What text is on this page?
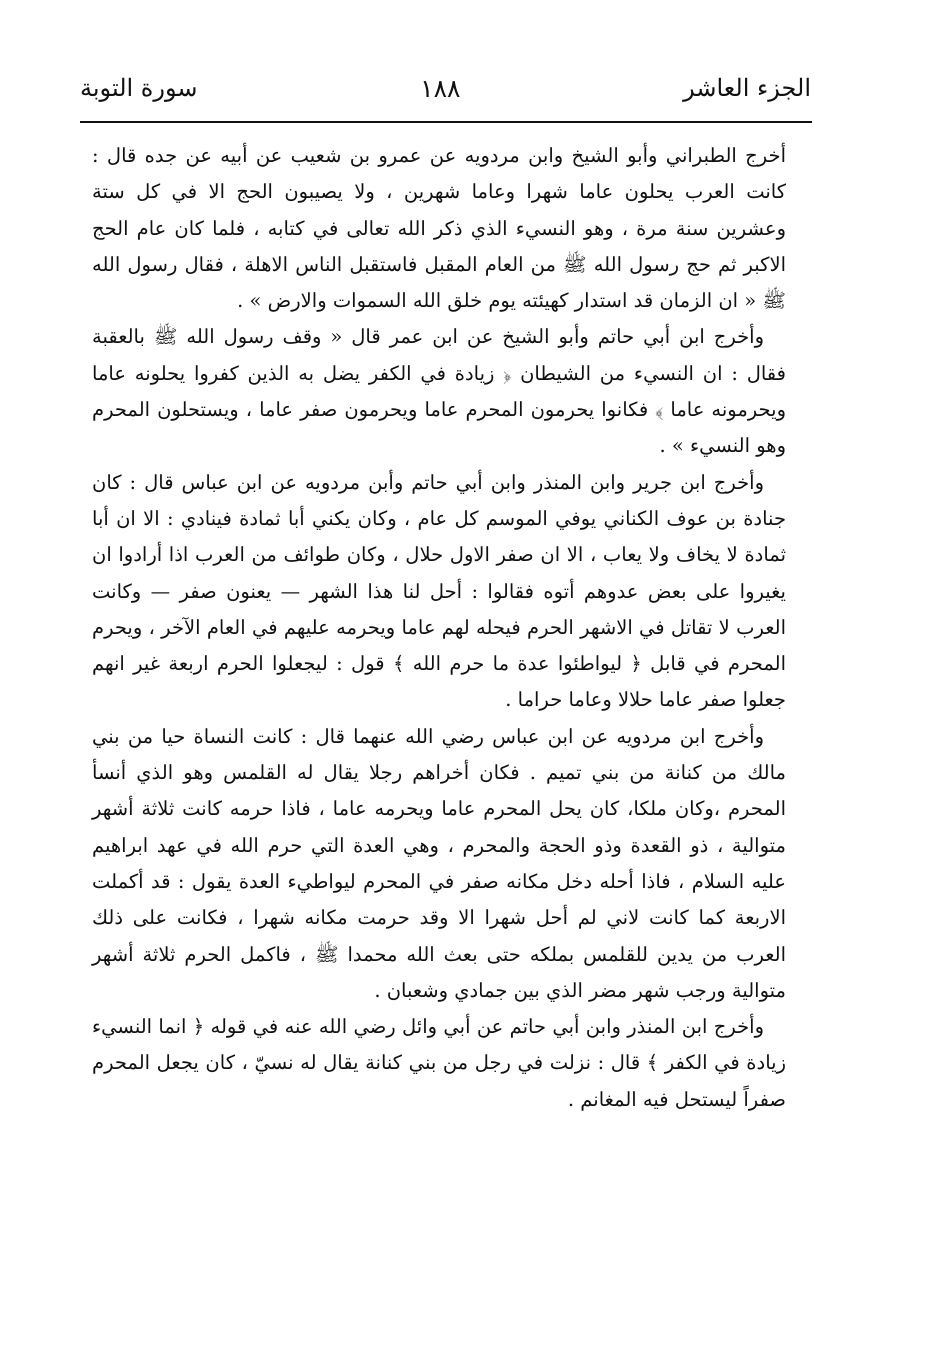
الجزء العاشر
١٨٨
سورة التوبة

أخرج الطبراني وأبو الشيخ وابن مردويه عن عمرو بن شعيب عن أبيه عن جده قال : كانت العرب يحلون عاما شهرا وعاما شهرين ، ولا يصيبون الحج الا في كل ستة وعشرين سنة مرة ، وهو النسيء الذي ذكر الله تعالى في كتابه ، فلما كان عام الحج الاكبر ثم حج رسول الله ﷺ من العام المقبل فاستقبل الناس الاهلة ، فقال رسول الله ﷺ « ان الزمان قد استدار كهيئته يوم خلق الله السموات والارض » .

وأخرج ابن أبي حاتم وأبو الشيخ عن ابن عمر قال « وقف رسول الله ﷺ بالعقبة فقال : ان النسيء من الشيطان ﴿ زيادة في الكفر يضل به الذين كفروا يحلونه عاما ويحرمونه عاما ﴾ فكانوا يحرمون المحرم عاما ويحرمون صفر عاما ، ويستحلون المحرم وهو النسيء » .

وأخرج ابن جرير وابن المنذر وابن أبي حاتم وأبن مردويه عن ابن عباس قال : كان جنادة بن عوف الكناني يوفي الموسم كل عام ، وكان يكني أبا ثمادة فينادي : الا ان أبا ثمادة لا يخاف ولا يعاب ، الا ان صفر الاول حلال ، وكان طوائف من العرب اذا أرادوا ان يغيروا على بعض عدوهم أتوه فقالوا : أحل لنا هذا الشهر — يعنون صفر — وكانت العرب لا تقاتل في الاشهر الحرم فيحله لهم عاما ويحرمه عليهم في العام الآخر ، ويحرم المحرم في قابل ﴿ ليواطئوا عدة ما حرم الله ﴾ قول : ليجعلوا الحرم اربعة غير انهم جعلوا صفر عاما حلالا وعاما حراما .

وأخرج ابن مردويه عن ابن عباس رضي الله عنهما قال : كانت النساة حيا من بني مالك من كنانة من بني تميم . فكان أخراهم رجلا يقال له القلمس وهو الذي أنسأ المحرم ،وكان ملكا، كان يحل المحرم عاما ويحرمه عاما ، فاذا حرمه كانت ثلاثة أشهر متوالية ، ذو القعدة وذو الحجة والمحرم ، وهي العدة التي حرم الله في عهد ابراهيم عليه السلام ، فاذا أحله دخل مكانه صفر في المحرم ليواطيء العدة يقول : قد أكملت الاربعة كما كانت لاني لم أحل شهرا الا وقد حرمت مكانه شهرا ، فكانت على ذلك العرب من يدين للقلمس بملكه حتى بعث الله محمدا ﷺ ، فاكمل الحرم ثلاثة أشهر متوالية ورجب شهر مضر الذي بين جمادي وشعبان .

وأخرج ابن المنذر وابن أبي حاتم عن أبي وائل رضي الله عنه في قوله ﴿ انما النسيء زيادة في الكفر ﴾ قال : نزلت في رجل من بني كنانة يقال له نسيّ ، كان يجعل المحرم صفراً ليستحل فيه المغانم .
